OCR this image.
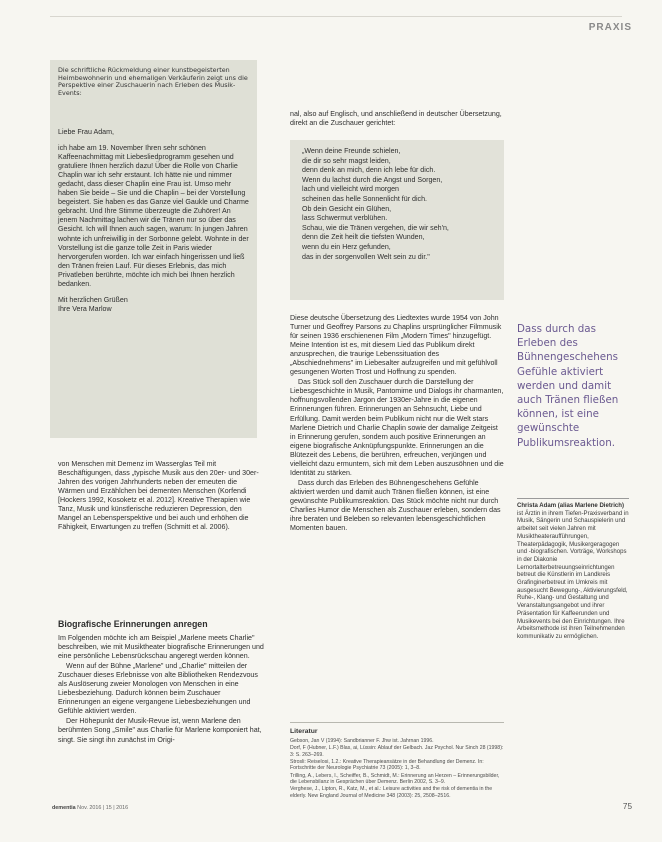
PRAXIS
Die schriftliche Rückmeldung einer kunstbegeisterten Heimbewohnerin und ehemaligen Verkäuferin zeigt uns die Perspektive einer Zuschauerin nach Erleben des Musik-Events:

Liebe Frau Adam,

ich habe am 19. November Ihren sehr schönen Kaffeenachmittag mit Liebesliedprogramm gesehen und gratuliere Ihnen herzlich dazu! Über die Rolle von Charlie Chaplin war ich sehr erstaunt. Ich hätte nie und nimmer gedacht, dass dieser Chaplin eine Frau ist. Umso mehr haben Sie beide – Sie und die Chaplin – bei der Vorstellung begeistert. Sie haben es das Ganze viel Gaukle und Charme gebracht. Und Ihre Stimme überzeugte die Zuhörer! An jenem Nachmittag lachen wir die Tränen nur so über das Gesicht. Ich will Ihnen auch sagen, warum: In jungen Jahren wohnte ich unfreiwillig in der Sorbonne gelebt. Wohnte in der Vorstellung ist die ganze tolle Zeit in Paris wieder hervorgerufen worden. Ich war einfach hingerissen und ließ den Tränen freien Lauf. Für dieses Erlebnis, das mich Privatleben berührte, möchte ich mich bei Ihnen herzlich bedanken.

Mit herzlichen Grüßen

Ihre Vera Marlow

von Menschen mit Demenz im Wasserglas Teil mit Beschäftigungen, dass „typische Musik aus den 20er- und 30er-Jahren des vorigen Jahrhunderts neben der erneuten die Wärmen und Erzählchen bei dementen Menschen (Korfendi [Hockers 1992, Kosoketz et al. 2012]. Kreative Therapien wie Tanz, Musik und künstlerische reduzieren Depression, den Mangel an Lebensperspektive und bei auch und erhöhen die Fähigkeit, Erwartungen zu treffen (Schmitt et al. 2006).

Biografische Erinnerungen anregen

Im Folgenden möchte ich am Beispiel „Marlene meets Charlie" beschreiben, wie mit Musiktheater biografische Erinnerungen und eine persönliche Lebensrückschau angeregt werden können.

Wenn auf der Bühne „Marlene" und „Charlie" mitteilen der Zuschauer dieses Erlebnisse von alte Bibliotheken Rendezvous als Auslöserung zweier Monologen von Menschen in eine Liebesbeziehung. Dadurch können beim Zuschauer Erinnerungen an eigene vergangene Liebesbeziehungen und Gefühle aktiviert werden.

Der Höhepunkt der Musik-Revue ist, wenn Marlene den berühmten Song „Smile" aus Charlie für Marlene komponiert hat, singt. Sie singt ihn zunächst im Origi-

nal, also auf Englisch, und anschließend in deutscher Übersetzung, direkt an die Zuschauer gerichtet:

„Wenn deine Freunde schielen,
die dir so sehr magst leiden,
denn denk an mich, denn ich lebe für dich.
Wenn du lachst durch die Angst und Sorgen,
lach und vielleicht wird morgen
scheinen das helle Sonnenlicht für dich.
Ob dein Gesicht ein Glühen,
lass Schwermut verblühen.
Schau, wie die Tränen vergehen, die wir seh'n,
denn die Zeit heilt die tiefsten Wunden,
wenn du ein Herz gefunden,
das in der sorgenvollen Welt sein zu dir."

Diese deutsche Übersetzung des Liedtextes wurde 1954 von John Turner und Geoffrey Parsons zu Chaplins ursprünglicher Filmmusik für seinen 1936 erschienenen Film „Modern Times" hinzugefügt. Meine Intention ist es, mit diesem Lied das Publikum direkt anzusprechen, die traurige Lebenssituation des „Abschiednehmens" im Liebesalter aufzugreifen und mit gefühlvoll gesungenen Worten Trost und Hoffnung zu spenden.

Das Stück soll den Zuschauer durch die Darstellung der Liebesgeschichte in Musik, Pantomime und Dialogs ihr charmanten, hoffnungsvollenden Jargon der 1930er-Jahre in die eigenen Erinnerungen führen. Erinnerungen an Sehnsucht, Liebe und Erfüllung. Damit werden beim Publikum nicht nur die Welt stars Marlene Dietrich und Charlie Chaplin sowie der damalige Zeitgeist in Erinnerung gerufen, sondern auch positive Erinnerungen an eigene biografische Anknüpfungspunkte. Erinnerungen an die Blütezeit des Lebens, die berühren, erfreuchen, verjüngen und vielleicht dazu ermuntern, sich mit dem Leben auszusöhnen und die Identität zu stärken.

Dass durch das Erleben des Bühnengeschehens Gefühle aktiviert werden und damit auch Tränen fließen können, ist eine gewünschte Publikumsreaktion. Das Stück möchte nicht nur durch Charlies Humor die Menschen als Zuschauer erleben, sondern das ihre beraten und Beleben so relevanten lebensgeschichtlichen Momenten bauen.

Literatur
Gebson, Jan V (1994): Sandbrianner F. Jhw ist. Jahrnan 1996.
Dorf, F (Hubner, L.F.) Blas, ai, Lüssin: Ablauf der Gelbach. Jaz Psychol. Nur Sinch 28 (1998): 3: S. 263–269.
Strosli: Reiselosi, 1.2.: Kreative Therapieansätze in der Behandlung der Demenz. In: Fortschritte der Neurologie Psychiatrie 73 (2005): 1, 3–8.
Trilling, A., Lebers, I., Scheiffer, B., Schmidt, M.: Erinnerung an Herzen – Erinnerungsbilder, die Lebensbilanz in Gesprächen über Demenz. Berlin 2002, S. 3–9.
Verghese, J., Lipton, R., Katz, M., et al.: Leisure activities and the risk of dementia in the elderly. New England Journal of Medicine 348 (2003): 25, 2508–2516.
Dass durch das Erleben des Bühnengeschehens Gefühle aktiviert werden und damit auch Tränen fließen können, ist eine gewünschte Publikumsreaktion.
Christa Adam (alias Marlene Dietrich) ist Ärztin in ihrem Tiefen-Praxisverband in Musik, Sängerin und Schauspielerin und arbeitet seit vielen Jahren mit Musiktheateraufführungen, Theaterpädagogik, Musikergeragogen und -biografischen. Vorträge, Workshops in der Diakonie Lernortalterbetreuungseinrichtungen betreut die Künstlerin im Landkreis Grafinginerbetreut im Umkreis mit ausgesucht Bewegung-, Aktivierungsfeld, Ruhe-, Klang- und Gestaltung und Veranstaltungsangebot und ihrer Präsentation für Kaffeerunden und Musikevents bei den Einrichtungen. Ihre Arbeitsmethode ist ihren Teilnehmenden kommunikativ zu ermöglichen.
dementia Nov. 2016 | 15 | 2016	75
